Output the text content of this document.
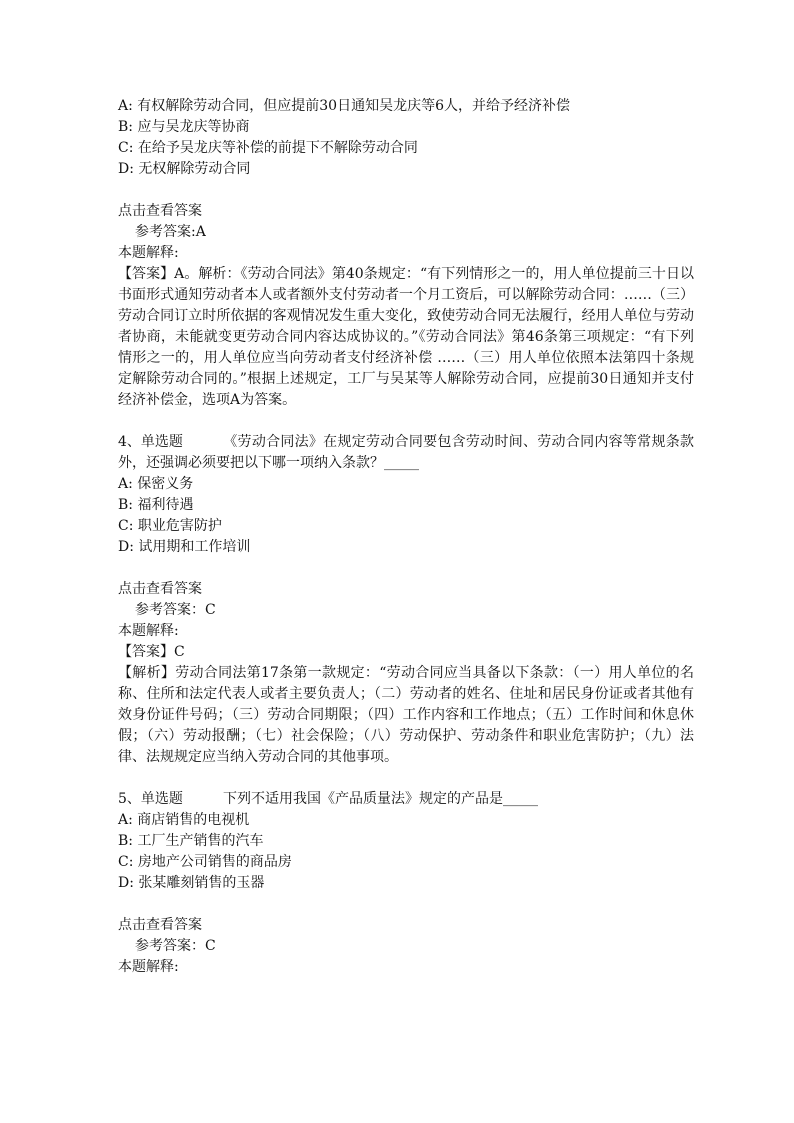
A: 有权解除劳动合同，但应提前30日通知吴龙庆等6人，并给予经济补偿

B: 应与吴龙庆等协商

C: 在给予吴龙庆等补偿的前提下不解除劳动合同

D: 无权解除劳动合同

点击查看答案

参考答案:A

本题解释:

【答案】A。解析：《劳动合同法》第40条规定：“有下列情形之一的，用人单位提前三十日以书面形式通知劳动者本人或者额外支付劳动者一个月工资后，可以解除劳动合同：……（三）劳动合同订立时所依据的客观情况发生重大变化，致使劳动合同无法履行，经用人单位与劳动者协商，未能就变更劳动合同内容达成协议的。”《劳动合同法》第46条第三项规定：“有下列情形之一的，用人单位应当向劳动者支付经济补偿 ……（三）用人单位依照本法第四十条规定解除劳动合同的。”根据上述规定，工厂与吴某等人解除劳动合同，应提前30日通知并支付经济补偿金，选项A为答案。

4、单选题	《劳动合同法》在规定劳动合同要包含劳动时间、劳动合同内容等常规条款外，还强调必须要把以下哪一项纳入条款？_____

A: 保密义务

B: 福利待遇

C: 职业危害防护

D: 试用期和工作培训

点击查看答案

参考答案：C

本题解释:

【答案】C

【解析】劳动合同法第17条第一款规定：“劳动合同应当具备以下条款：（一）用人单位的名称、住所和法定代表人或者主要负责人；（二）劳动者的姓名、住址和居民身份证或者其他有效身份证件号码；（三）劳动合同期限；（四）工作内容和工作地点；（五）工作时间和休息休假；（六）劳动报酬；（七）社会保险；（八）劳动保护、劳动条件和职业危害防护；（九）法律、法规规定应当纳入劳动合同的其他事项。

5、单选题	下列不适用我国《产品质量法》规定的产品是_____

A: 商店销售的电视机

B: 工厂生产销售的汽车

C: 房地产公司销售的商品房

D: 张某雕刻销售的玉器

点击查看答案

参考答案：C

本题解释:
